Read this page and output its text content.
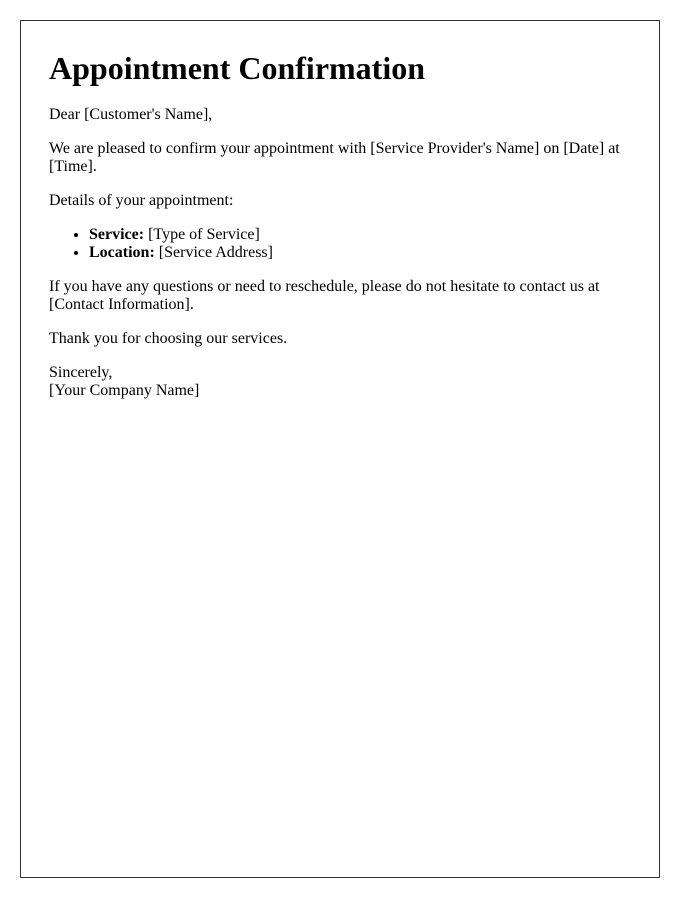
Appointment Confirmation

Dear [Customer's Name],

We are pleased to confirm your appointment with [Service Provider's Name] on [Date] at [Time].

Details of your appointment:

• Service: [Type of Service]
• Location: [Service Address]

If you have any questions or need to reschedule, please do not hesitate to contact us at [Contact Information].

Thank you for choosing our services.

Sincerely,
[Your Company Name]
